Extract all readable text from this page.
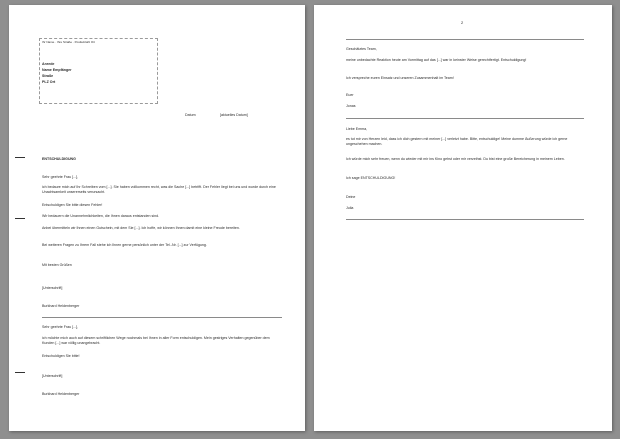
Ihr Name · Ihre Straße · Postleitzahl Ort
Anrede
Name Empfänger
Straße
PLZ Ort
Datum	[aktuelles Datum]
ENTSCHULDIGUNG
Sehr geehrte Frau [...],
ich bedaure mich auf Ihr Schreiben vom [...]. Sie haben vollkommen recht, was die Sache [...] betrifft. Der Fehler liegt bei uns und wurde durch eine Unachtsamkeit unsererseits verursacht.
Entschuldigen Sie bitte diesen Fehler!
Wir bedauern die Unannehmlichkeiten, die Ihnen daraus entstanden sind.
Anbei übermitteln wir Ihnen einen Gutschein, mit dem Sie [...]. Ich hoffe, wir können Ihnen damit eine kleine Freude bereiten.
Bei weiteren Fragen zu Ihrem Fall stehe ich Ihnen gerne persönlich unter der Tel.-Nr. [...] zur Verfügung.
Mit besten Grüßen
[Unterschrift]
Burkhard Heldenberger
Sehr geehrte Frau [...],
ich möchte mich auch auf diesem schriftlichen Wege nochmals bei Ihnen in aller Form entschuldigen. Mein gestriges Verhalten gegenüber dem Kunden [...] war völlig unangebracht.
Entschuldigen Sie bitte!
[Unterschrift]
Burkhard Heldenberger
2
Geschätztes Team,
meine unbedachte Reaktion heute am Vormittag auf das [...] war in keinster Weise gerechtfertigt. Entschuldigung!
Ich verspreche euren Einsatz und unseren Zusammenhalt im Team!
Euer
Jonas
Liebe Emma,
es tut mir von Herzen leid, dass ich dich gestern mit meiner [...] verletzt habe. Bitte, entschuldige! Meine dumme Äußerung würde ich gerne ungeschehen machen.
Ich würde mich sehr freuen, wenn du wieder mit mir ins Kino gehst oder mir verzeihst. Du bist eine große Bereicherung in meinem Leben.
Ich sage ENTSCHULDIGUNG!
Deine
Julia
